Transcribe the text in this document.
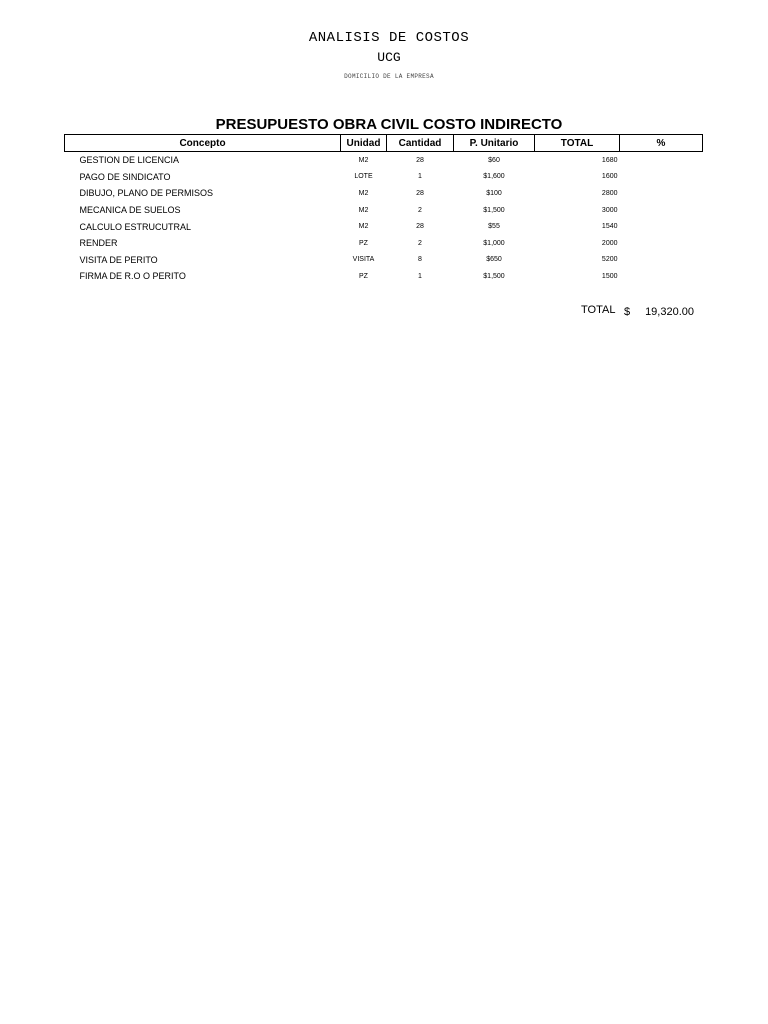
ANALISIS DE COSTOS
UCG
DOMICILIO DE LA EMPRESA
PRESUPUESTO OBRA CIVIL COSTO INDIRECTO
Concepto	Unidad	Cantidad	P. Unitario	TOTAL	%
GESTION DE LICENCIA	M2	28	$60	1680	
PAGO DE SINDICATO	LOTE	1	$1,600	1600	
DIBUJO, PLANO DE PERMISOS	M2	28	$100	2800	
MECANICA DE SUELOS	M2	2	$1,500	3000	
CALCULO ESTRUCUTRAL	M2	28	$55	1540	
RENDER	PZ	2	$1,000	2000	
VISITA DE PERITO	VISITA	8	$650	5200	
FIRMA DE R.O O PERITO	PZ	1	$1,500	1500	
TOTAL $ 19,320.00
